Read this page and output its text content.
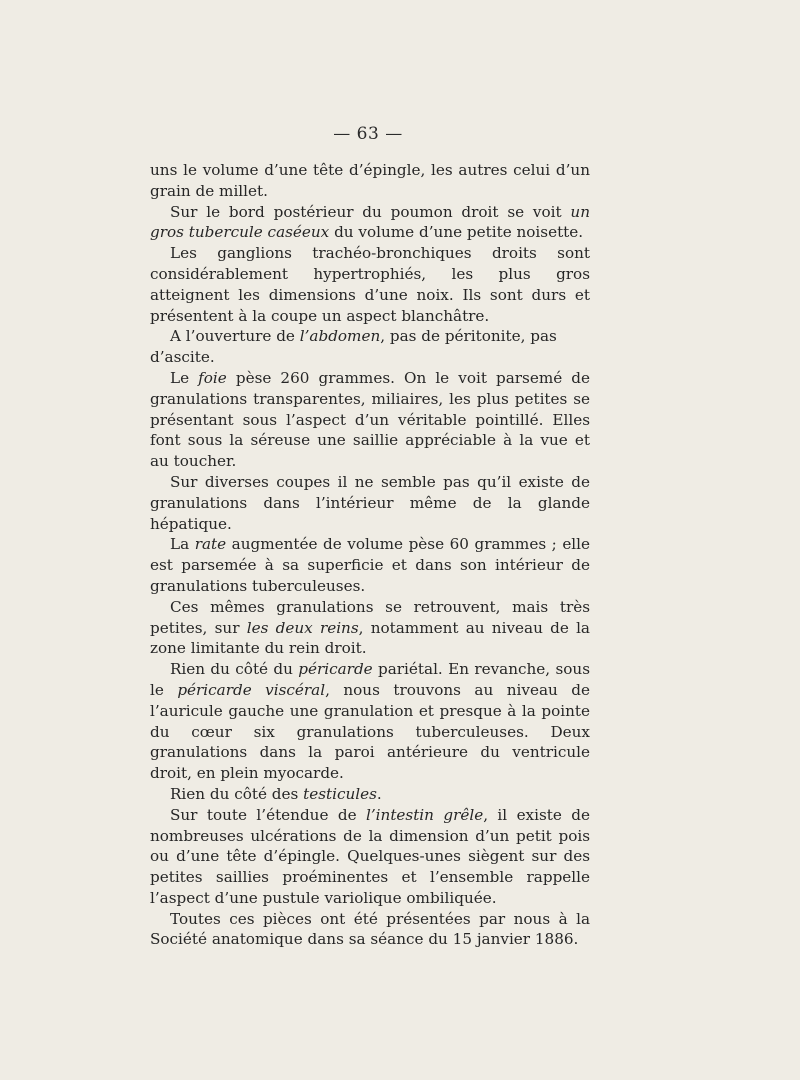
— 63 —

uns le volume d’une tête d’épingle, les autres celui d’un grain de millet.

Sur le bord postérieur du poumon droit se voit un gros tubercule caséeux du volume d’une petite noisette.

Les ganglions trachéo-bronchiques droits sont considérablement hypertrophiés, les plus gros atteignent les dimensions d’une noix. Ils sont durs et présentent à la coupe un aspect blanchâtre.

A l’ouverture de l’abdomen, pas de péritonite, pas d’ascite.

Le foie pèse 260 grammes. On le voit parsemé de granulations transparentes, miliaires, les plus petites se présentant sous l’aspect d’un véritable pointillé. Elles font sous la séreuse une saillie appréciable à la vue et au toucher.

Sur diverses coupes il ne semble pas qu’il existe de granulations dans l’intérieur même de la glande hépatique.

La rate augmentée de volume pèse 60 grammes ; elle est parsemée à sa superficie et dans son intérieur de granulations tuberculeuses.

Ces mêmes granulations se retrouvent, mais très petites, sur les deux reins, notamment au niveau de la zone limitante du rein droit.

Rien du côté du péricarde pariétal. En revanche, sous le péricarde viscéral, nous trouvons au niveau de l’auricule gauche une granulation et presque à la pointe du cœur six granulations tuberculeuses. Deux granulations dans la paroi antérieure du ventricule droit, en plein myocarde.

Rien du côté des testicules.

Sur toute l’étendue de l’intestin grêle, il existe de nombreuses ulcérations de la dimension d’un petit pois ou d’une tête d’épingle. Quelques-unes siègent sur des petites saillies proéminentes et l’ensemble rappelle l’aspect d’une pustule variolique ombiliquée.

Toutes ces pièces ont été présentées par nous à la Société anatomique dans sa séance du 15 janvier 1886.
